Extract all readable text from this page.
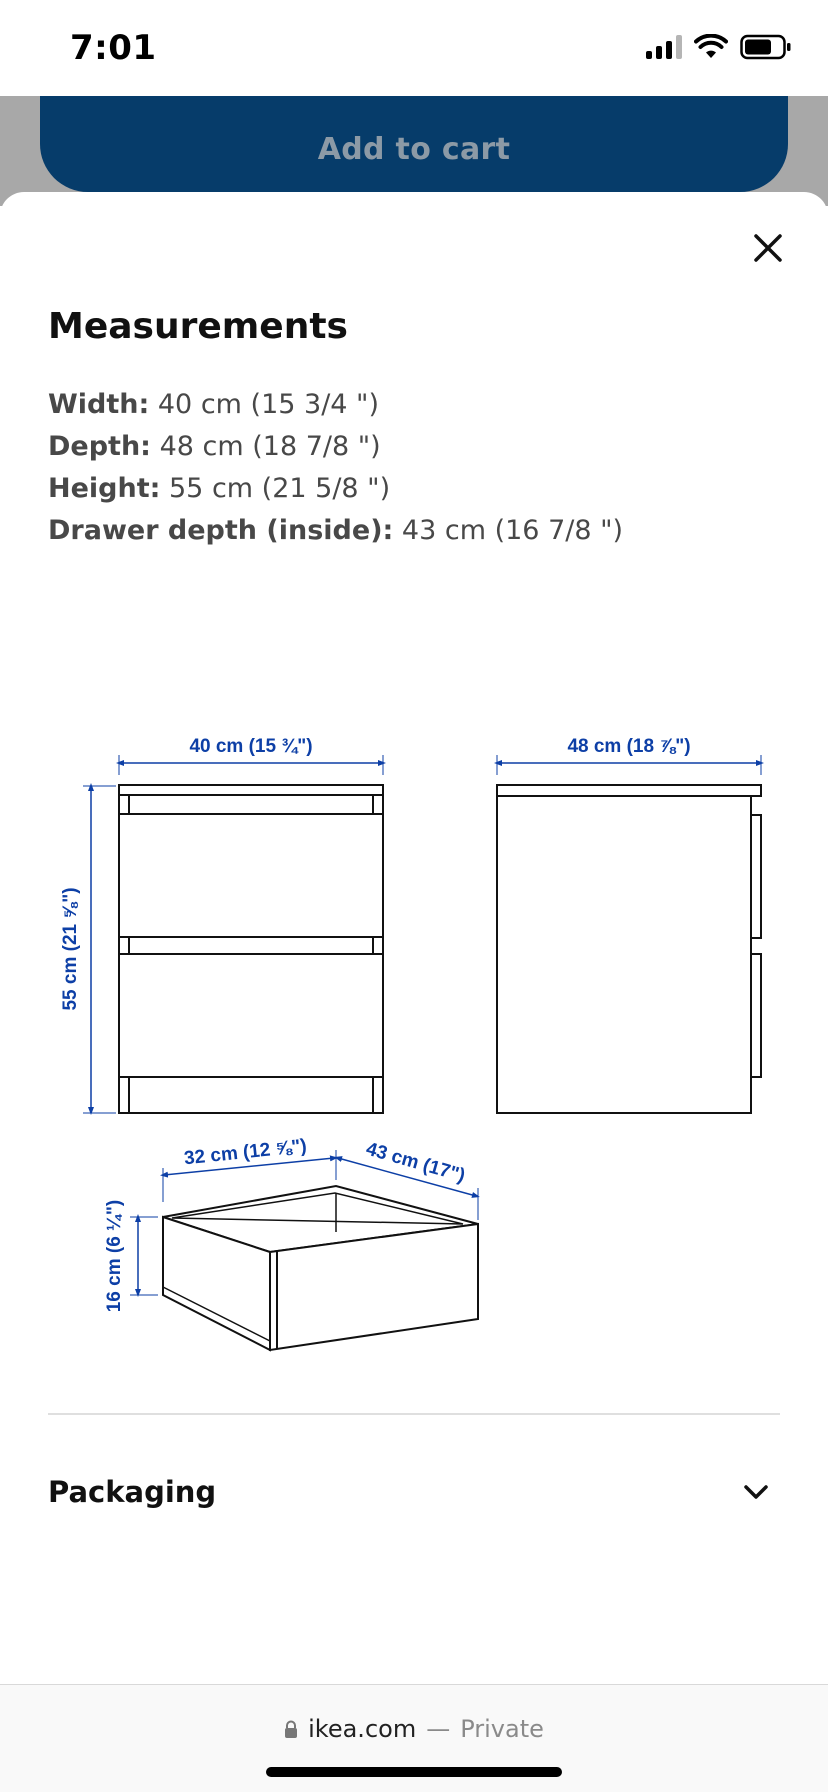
7:01
Add to cart
Measurements
Width: 40 cm (15 3/4 ")
Depth: 48 cm (18 7/8 ")
Height: 55 cm (21 5/8 ")
Drawer depth (inside): 43 cm (16 7/8 ")
40 cm (15 ¾")
55 cm (21 ⅝")
48 cm (18 ⅞")
32 cm (12 ⅝")	43 cm (17")
16 cm (6 ¼")
Packaging
ikea.com — Private
